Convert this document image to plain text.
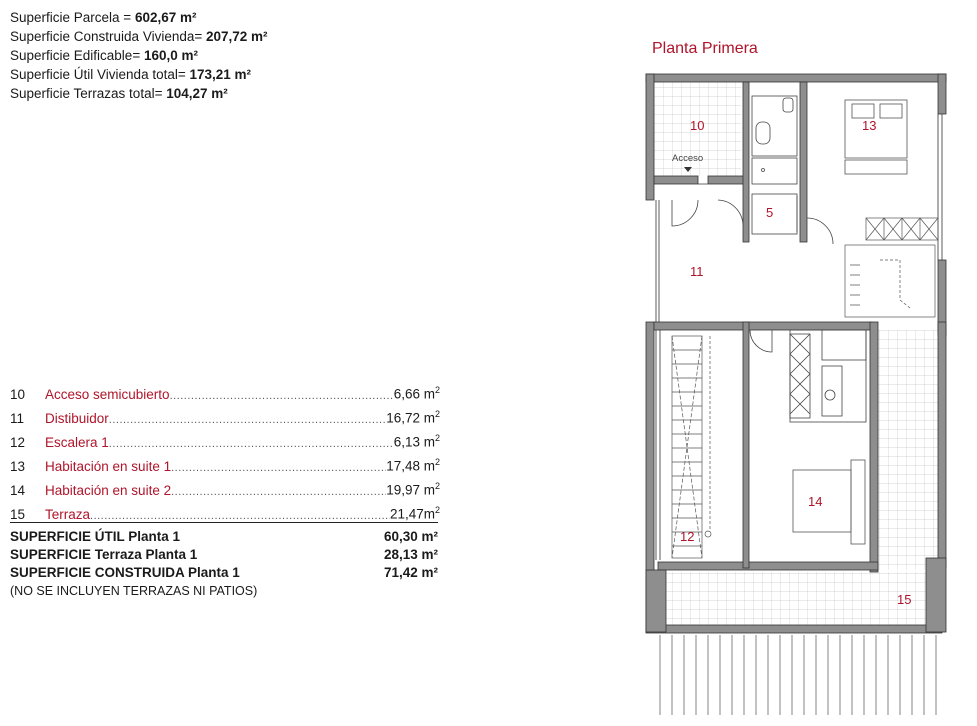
Superficie Parcela = 602,67 m²
Superficie Construida Vivienda= 207,72 m²
Superficie Edificable= 160,0 m²
Superficie Útil Vivienda total= 173,21 m²
Superficie Terrazas total= 104,27 m²
Planta Primera
10	Acceso semicubierto .....	6,66 $m^2$
11	Distibuidor .....	16,72 $m^2$
12	Escalera 1 .....	6,13 $m^2$
13	Habitación en suite 1 .....	17,48 $m^2$
14	Habitación en suite 2 .....	19,97 $m^2$
15	Terraza .....	$21,47m^2$
SUPERFICIE ÚTIL Planta 1	60,30 m²
SUPERFICIE Terraza Planta 1	28,13 m²
SUPERFICIE CONSTRUIDA Planta 1	71,42 m²
(NO SE INCLUYEN TERRAZAS NI PATIOS)
10
Acceso
13
5
11
14
12
15
